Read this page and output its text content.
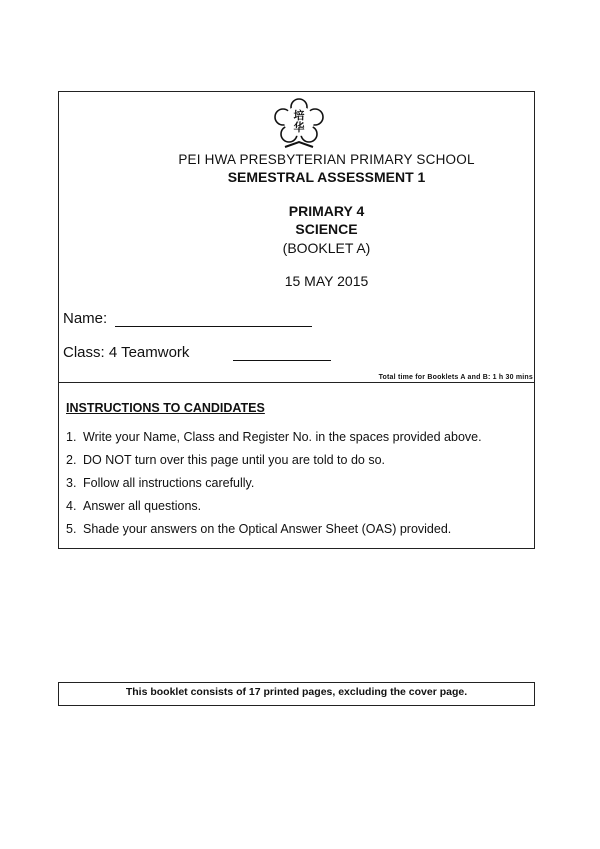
培
华
PEI HWA PRESBYTERIAN PRIMARY SCHOOL
SEMESTRAL ASSESSMENT 1
PRIMARY 4
SCIENCE
(BOOKLET A)
15 MAY 2015
Name:
Class: 4 Teamwork
Total time for Booklets A and B: 1 h 30 mins
INSTRUCTIONS TO CANDIDATES
1. Write your Name, Class and Register No. in the spaces provided above.
2. DO NOT turn over this page until you are told to do so.
3. Follow all instructions carefully.
4. Answer all questions.
5. Shade your answers on the Optical Answer Sheet (OAS) provided.
This booklet consists of 17 printed pages, excluding the cover page.
